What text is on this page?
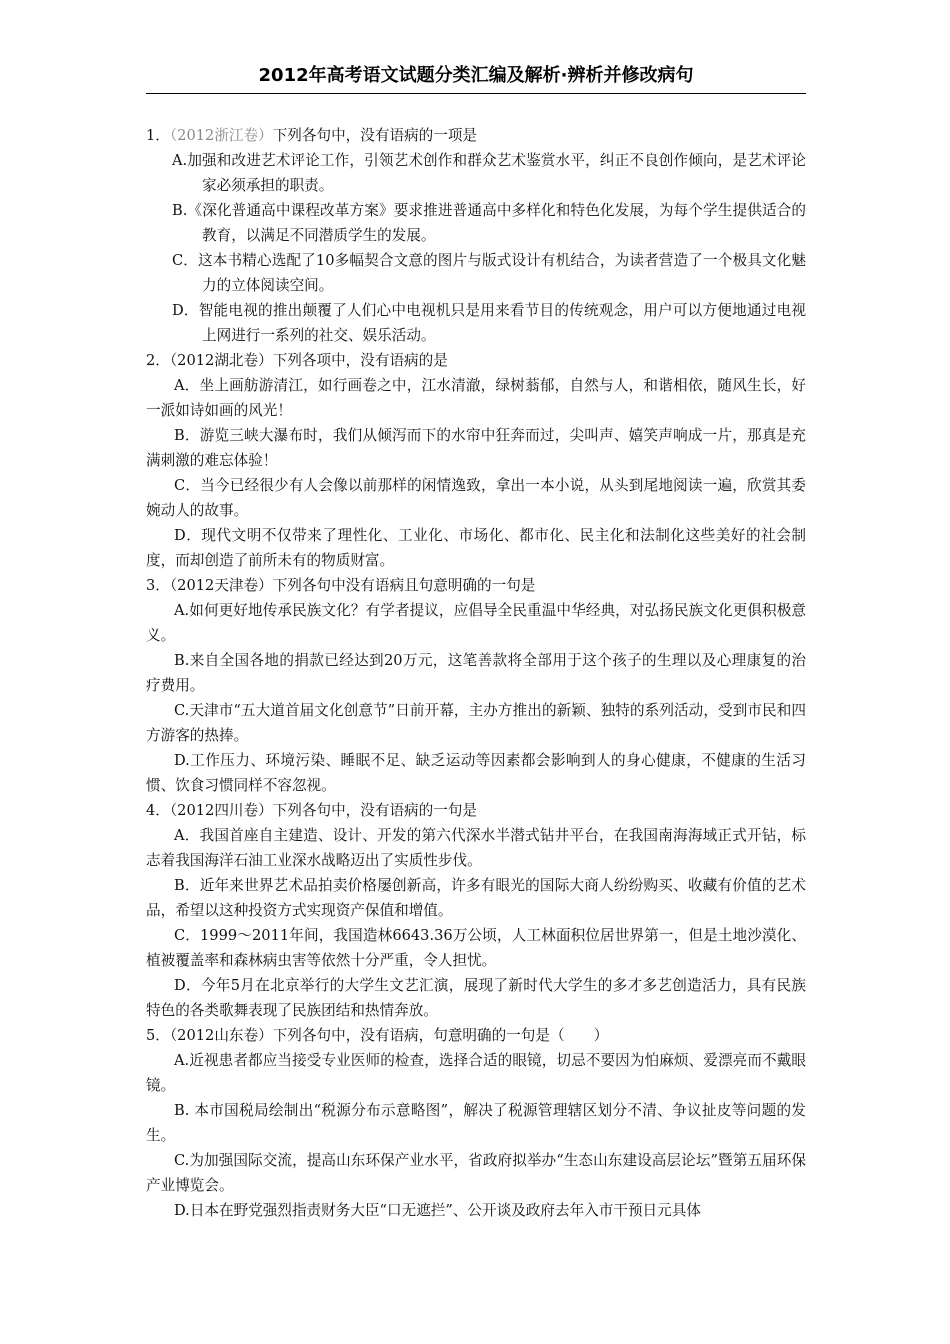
2012年高考语文试题分类汇编及解析·辨析并修改病句

1．（2012浙江卷）下列各句中，没有语病的一项是

A.加强和改进艺术评论工作，引领艺术创作和群众艺术鉴赏水平，纠正不良创作倾向，是艺术评论家必须承担的职责。

B.《深化普通高中课程改革方案》要求推进普通高中多样化和特色化发展，为每个学生提供适合的教育，以满足不同潜质学生的发展。

C．这本书精心选配了10多幅契合文意的图片与版式设计有机结合，为读者营造了一个极具文化魅力的立体阅读空间。

D．智能电视的推出颠覆了人们心中电视机只是用来看节目的传统观念，用户可以方便地通过电视上网进行一系列的社交、娱乐活动。

2．（2012湖北卷）下列各项中，没有语病的是

A．坐上画舫游清江，如行画卷之中，江水清澈，绿树蓊郁，自然与人，和谐相依，随风生长，好一派如诗如画的风光！

B．游览三峡大瀑布时，我们从倾泻而下的水帘中狂奔而过，尖叫声、嬉笑声响成一片，那真是充满刺激的难忘体验！

C．当今已经很少有人会像以前那样的闲情逸致，拿出一本小说，从头到尾地阅读一遍，欣赏其委婉动人的故事。

D．现代文明不仅带来了理性化、工业化、市场化、都市化、民主化和法制化这些美好的社会制度，而却创造了前所未有的物质财富。

3．（2012天津卷）下列各句中没有语病且句意明确的一句是

A.如何更好地传承民族文化？有学者提议，应倡导全民重温中华经典，对弘扬民族文化更俱积极意义。

B.来自全国各地的捐款已经达到20万元，这笔善款将全部用于这个孩子的生理以及心理康复的治疗费用。

C.天津市“五大道首届文化创意节”日前开幕，主办方推出的新颖、独特的系列活动，受到市民和四方游客的热捧。

D.工作压力、环境污染、睡眠不足、缺乏运动等因素都会影响到人的身心健康，不健康的生活习惯、饮食习惯同样不容忽视。

4．（2012四川卷）下列各句中，没有语病的一句是

A．我国首座自主建造、设计、开发的第六代深水半潜式钻井平台，在我国南海海域正式开钻，标志着我国海洋石油工业深水战略迈出了实质性步伐。

B．近年来世界艺术品拍卖价格屡创新高，许多有眼光的国际大商人纷纷购买、收藏有价值的艺术品，希望以这种投资方式实现资产保值和增值。

C．1999～2011年间，我国造林6643.36万公顷，人工林面积位居世界第一，但是土地沙漠化、植被覆盖率和森林病虫害等依然十分严重，令人担忧。

D．今年5月在北京举行的大学生文艺汇演，展现了新时代大学生的多才多艺创造活力，具有民族特色的各类歌舞表现了民族团结和热情奔放。

5．（2012山东卷）下列各句中，没有语病，句意明确的一句是（　　）

A.近视患者都应当接受专业医师的检查，选择合适的眼镜，切忌不要因为怕麻烦、爱漂亮而不戴眼镜。

B. 本市国税局绘制出“税源分布示意略图”，解决了税源管理辖区划分不清、争议扯皮等问题的发生。

C.为加强国际交流，提高山东环保产业水平，省政府拟举办“生态山东建设高层论坛”暨第五届环保产业博览会。

D.日本在野党强烈指责财务大臣“口无遮拦”、公开谈及政府去年入市干预日元具体
